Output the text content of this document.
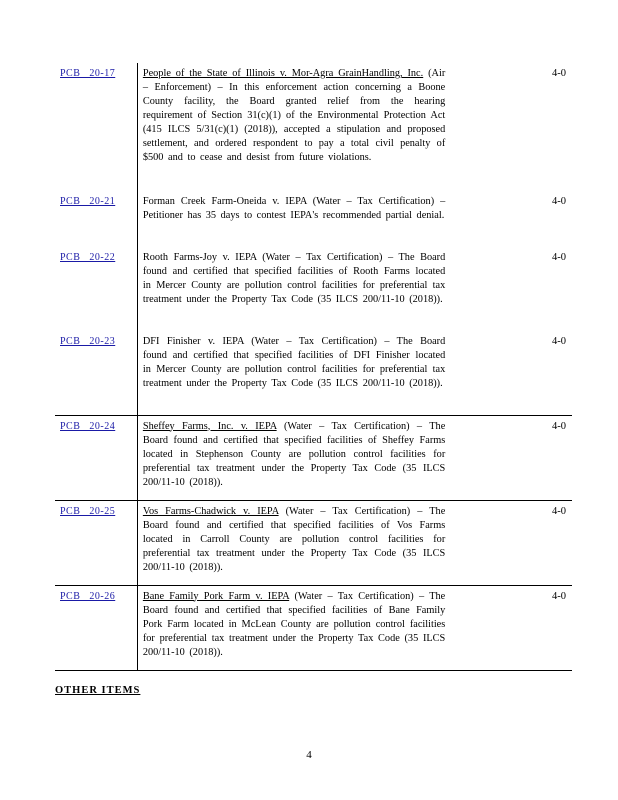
PCB 20-17	People of the State of Illinois v. Mor-Agra GrainHandling, Inc. (Air – Enforcement) – In this enforcement action concerning a Boone County facility, the Board granted relief from the hearing requirement of Section 31(c)(1) of the Environmental Protection Act (415 ILCS 5/31(c)(1) (2018)), accepted a stipulation and proposed settlement, and ordered respondent to pay a total civil penalty of $500 and to cease and desist from future violations.	4-0
PCB 20-21	Forman Creek Farm-Oneida v. IEPA (Water – Tax Certification) – Petitioner has 35 days to contest IEPA's recommended partial denial.	4-0
PCB 20-22	Rooth Farms-Joy v. IEPA (Water – Tax Certification) – The Board found and certified that specified facilities of Rooth Farms located in Mercer County are pollution control facilities for preferential tax treatment under the Property Tax Code (35 ILCS 200/11-10 (2018)).	4-0
PCB 20-23	DFI Finisher v. IEPA (Water – Tax Certification) – The Board found and certified that specified facilities of DFI Finisher located in Mercer County are pollution control facilities for preferential tax treatment under the Property Tax Code (35 ILCS 200/11-10 (2018)).	4-0
PCB 20-24	Sheffey Farms, Inc. v. IEPA (Water – Tax Certification) – The Board found and certified that specified facilities of Sheffey Farms located in Stephenson County are pollution control facilities for preferential tax treatment under the Property Tax Code (35 ILCS 200/11-10 (2018)).	4-0
PCB 20-25	Vos Farms-Chadwick v. IEPA (Water – Tax Certification) – The Board found and certified that specified facilities of Vos Farms located in Carroll County are pollution control facilities for preferential tax treatment under the Property Tax Code (35 ILCS 200/11-10 (2018)).	4-0
PCB 20-26	Bane Family Pork Farm v. IEPA (Water – Tax Certification) – The Board found and certified that specified facilities of Bane Family Pork Farm located in McLean County are pollution control facilities for preferential tax treatment under the Property Tax Code (35 ILCS 200/11-10 (2018)).	4-0
OTHER ITEMS
4
